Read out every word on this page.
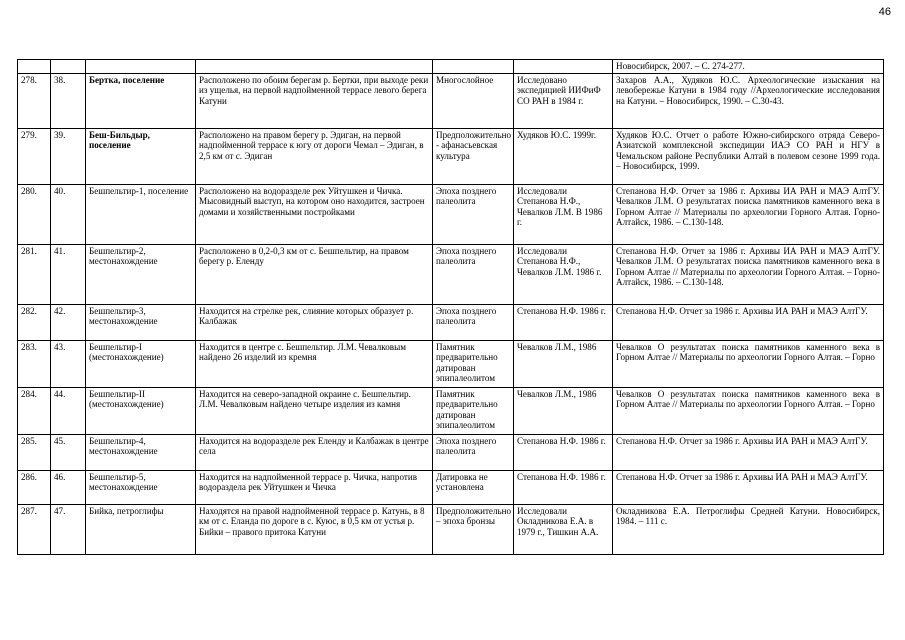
46
						Новосибирск, 2007. – С. 274-277.
278.	38.	Бертка, поселение	Расположено по обоим берегам р. Бертки, при выходе реки из ущелья, на первой надпойменной террасе левого берега Катуни	Многослойное	Исследовано экспедицией ИИФиФ СО РАН в 1984 г.	Захаров А.А., Худяков Ю.С. Археологические изыскания на левобережье Катуни в 1984 году //Археологические исследования на Катуни. – Новосибирск, 1990. – С.30-43.
279.	39.	Беш-Бильдыр, поселение	Расположено на правом берегу р. Эдиган, на первой надпойменной террасе к югу от дороги Чемал – Эдиган, в 2,5 км от с. Эдиган	Предположительно - афанасьевская культура	Худяков Ю.С. 1999г.	Худяков Ю.С. Отчет о работе Южно-сибирского отряда Северо-Азиатской комплексной экспедиции ИАЭ СО РАН и НГУ в Чемальском районе Республики Алтай в полевом сезоне 1999 года. – Новосибирск, 1999.
280.	40.	Бешпельтир-1, поселение	Расположено на водоразделе рек Уйтушкен и Чичка. Мысовидный выступ, на котором оно находится, застроен домами и хозяйственными постройками	Эпоха позднего палеолита	Исследовали Степанова Н.Ф., Чевалков Л.М. В 1986 г.	Степанова Н.Ф. Отчет за 1986 г. Архивы ИА РАН и МАЭ АлтГУ. Чевалков Л.М. О результатах поиска памятников каменного века в Горном Алтае // Материалы по археологии Горного Алтая. Горно-Алтайск, 1986. – С.130-148.
281.	41.	Бешпельтир-2, местонахождение	Расположено в 0,2-0,3 км от с. Бешпельтир, на правом берегу р. Еленду	Эпоха позднего палеолита	Исследовали Степанова Н.Ф., Чевалков Л.М. 1986 г.	Степанова Н.Ф. Отчет за 1986 г. Архивы ИА РАН и МАЭ АлтГУ. Чевалков Л.М. О результатах поиска памятников каменного века в Горном Алтае // Материалы по археологии Горного Алтая. – Горно-Алтайск, 1986. – С.130-148.
282.	42.	Бешпельтир-3, местонахождение	Находится на стрелке рек, слияние которых образует р. Калбажак	Эпоха позднего палеолита	Степанова Н.Ф. 1986 г.	Степанова Н.Ф. Отчет за 1986 г. Архивы ИА РАН и МАЭ АлтГУ.
283.	43.	Бешпельтир-I (местонахождение)	Находится в центре с. Бешпельтир. Л.М. Чевалковым найдено 26 изделий из кремня	Памятник предварительно датирован эпипалеолитом	Чевалков Л.М., 1986	Чевалков О результатах поиска памятников каменного века в Горном Алтае // Материалы по археологии Горного Алтая. – Горно
284.	44.	Бешпельтир-II (местонахождение)	Находится на северо-западной окраине с. Бешпельтир. Л.М. Чевалковым найдено четыре изделия из камня	Памятник предварительно датирован эпипалеолитом	Чевалков Л.М., 1986	Чевалков О результатах поиска памятников каменного века в Горном Алтае // Материалы по археологии Горного Алтая. – Горно
285.	45.	Бешпельтир-4, местонахождение	Находится на водоразделе рек Еленду и Калбажак в центре села	Эпоха позднего палеолита	Степанова Н.Ф. 1986 г.	Степанова Н.Ф. Отчет за 1986 г. Архивы ИА РАН и МАЭ АлтГУ.
286.	46.	Бешпельтир-5, местонахождение	Находится на надпойменной террасе р. Чичка, напротив водораздела рек Уйтушкен и Чичка	Датировка не установлена	Степанова Н.Ф. 1986 г.	Степанова Н.Ф. Отчет за 1986 г. Архивы ИА РАН и МАЭ АлтГУ.
287.	47.	Бийка, петроглифы	Находятся на правой надпойменной террасе р. Катунь, в 8 км от с. Еланда по дороге в с. Куюс, в 0,5 км от устья р. Бийки – правого притока Катуни	Предположительно – эпоха бронзы	Исследовали Окладникова Е.А. в 1979 г., Тишкин А.А.	Окладникова Е.А. Петроглифы Средней Катуни. Новосибирск, 1984. – 111 с.
